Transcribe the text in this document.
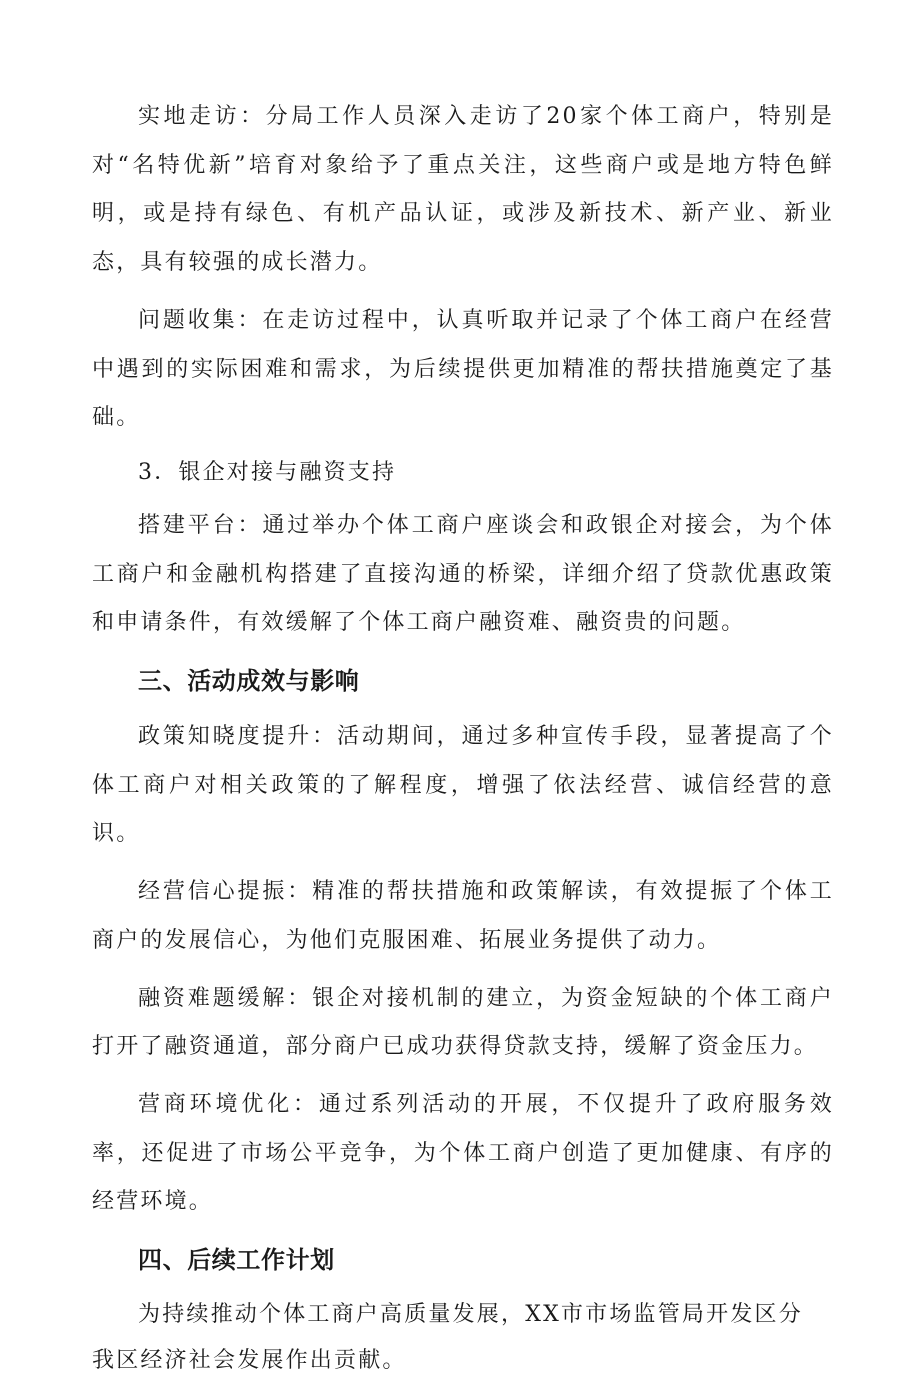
实地走访：分局工作人员深入走访了20家个体工商户，特别是对“名特优新”培育对象给予了重点关注，这些商户或是地方特色鲜明，或是持有绿色、有机产品认证，或涉及新技术、新产业、新业态，具有较强的成长潜力。

问题收集：在走访过程中，认真听取并记录了个体工商户在经营中遇到的实际困难和需求，为后续提供更加精准的帮扶措施奠定了基础。

3．银企对接与融资支持

搭建平台：通过举办个体工商户座谈会和政银企对接会，为个体工商户和金融机构搭建了直接沟通的桥梁，详细介绍了贷款优惠政策和申请条件，有效缓解了个体工商户融资难、融资贵的问题。

三、活动成效与影响

政策知晓度提升：活动期间，通过多种宣传手段，显著提高了个体工商户对相关政策的了解程度，增强了依法经营、诚信经营的意识。

经营信心提振：精准的帮扶措施和政策解读，有效提振了个体工商户的发展信心，为他们克服困难、拓展业务提供了动力。

融资难题缓解：银企对接机制的建立，为资金短缺的个体工商户打开了融资通道，部分商户已成功获得贷款支持，缓解了资金压力。

营商环境优化：通过系列活动的开展，不仅提升了政府服务效率，还促进了市场公平竞争，为个体工商户创造了更加健康、有序的经营环境。

四、后续工作计划

为持续推动个体工商户高质量发展，XX市市场监管局开发区分
我区经济社会发展作出贡献。
